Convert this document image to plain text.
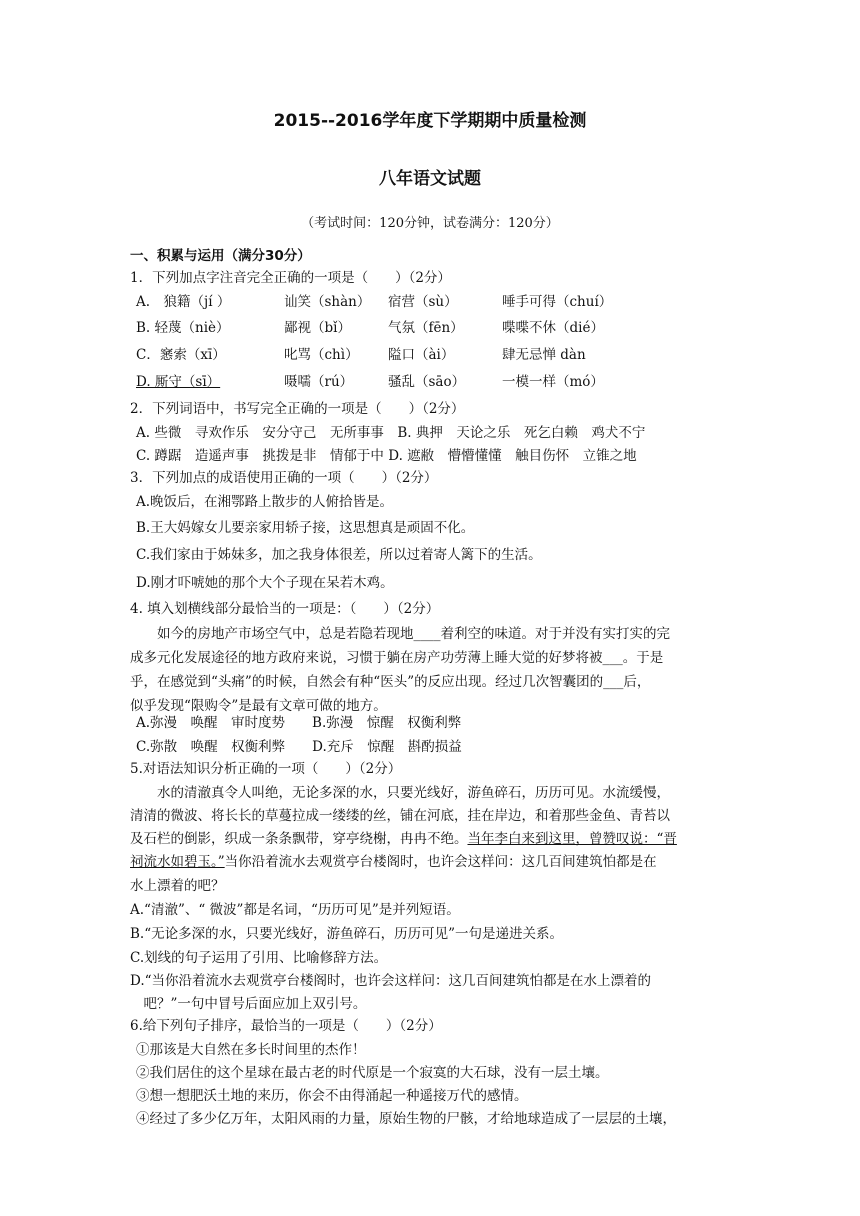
2015--2016学年度下学期期中质量检测
八年语文试题
（考试时间：120分钟，试卷满分：120分）
一、积累与运用（满分30分）
1．下列加点字注音完全正确的一项是（　　）（2分）
A.　狼籍（jí ）	讪笑（shàn） 宿营（sù）	唾手可得（chuí）
B. 轻蔑（niè）	鄙视（bǐ）	气氛（fēn）	喋喋不休（dié）
C．窸索（xī）	叱骂（chì） 隘口（ài）	肆无忌惮 dàn
D. 厮守（sī）	嗫嚅（rú）	骚乱（sāo）	一模一样（mó）
2．下列词语中，书写完全正确的一项是（　　）（2分）
A. 些微　寻欢作乐　安分守己　无所事事　B. 典押　天论之乐　死乞白赖　鸡犬不宁
C. 蹲踞　造遥声事　挑拨是非　情郁于中 D. 遮敝　懵懵懂懂　触目伤怀　立锥之地
3．下列加点的成语使用正确的一项（　　）（2分）
A.晚饭后，在湘鄂路上散步的人俯拾皆是。
B.王大妈嫁女儿要亲家用轿子接，这思想真是顽固不化。
C.我们家由于姊妹多，加之我身体很差，所以过着寄人篱下的生活。
D.刚才吓唬她的那个大个子现在呆若木鸡。
4. 填入划横线部分最恰当的一项是：（　　）（2分）
　　如今的房地产市场空气中，总是若隐若现地____着利空的味道。对于并没有实打实的完
成多元化发展途径的地方政府来说，习惯于躺在房产功劳薄上睡大觉的好梦将被___。于是
乎，在感觉到“头痛”的时候，自然会有种“医头”的反应出现。经过几次智囊团的___后，
似乎发现“限购令”是最有文章可做的地方。
A.弥漫　唤醒　审时度势　　B.弥漫　惊醒　权衡利弊
C.弥散　唤醒　权衡利弊　　D.充斥　惊醒　斟酌损益
5.对语法知识分析正确的一项（　　）（2分）
　　水的清澈真令人叫绝，无论多深的水，只要光线好，游鱼碎石，历历可见。水流缓慢，
清清的微波、将长长的草蔓拉成一缕缕的丝，铺在河底，挂在岸边，和着那些金鱼、青苔以
及石栏的倒影，织成一条条飘带，穿亭绕榭，冉冉不绝。当年李白来到这里，曾赞叹说：“晋
祠流水如碧玉。”当你沿着流水去观赏亭台楼阁时，也许会这样问：这几百间建筑怕都是在
水上漂着的吧？
A.“清澈”、“ 微波”都是名词，“历历可见”是并列短语。
B.“无论多深的水，只要光线好，游鱼碎石，历历可见”一句是递进关系。
C.划线的句子运用了引用、比喻修辞方法。
D.“当你沿着流水去观赏亭台楼阁时，也许会这样问：这几百间建筑怕都是在水上漂着的
　吧？”一句中冒号后面应加上双引号。
6.给下列句子排序，最恰当的一项是（　　）（2分）
①那该是大自然在多长时间里的杰作！
②我们居住的这个星球在最古老的时代原是一个寂寞的大石球，没有一层土壤。
③想一想肥沃土地的来历，你会不由得涌起一种遥接万代的感情。
④经过了多少亿万年，太阳风雨的力量，原始生物的尸骸，才给地球造成了一层层的土壤，
